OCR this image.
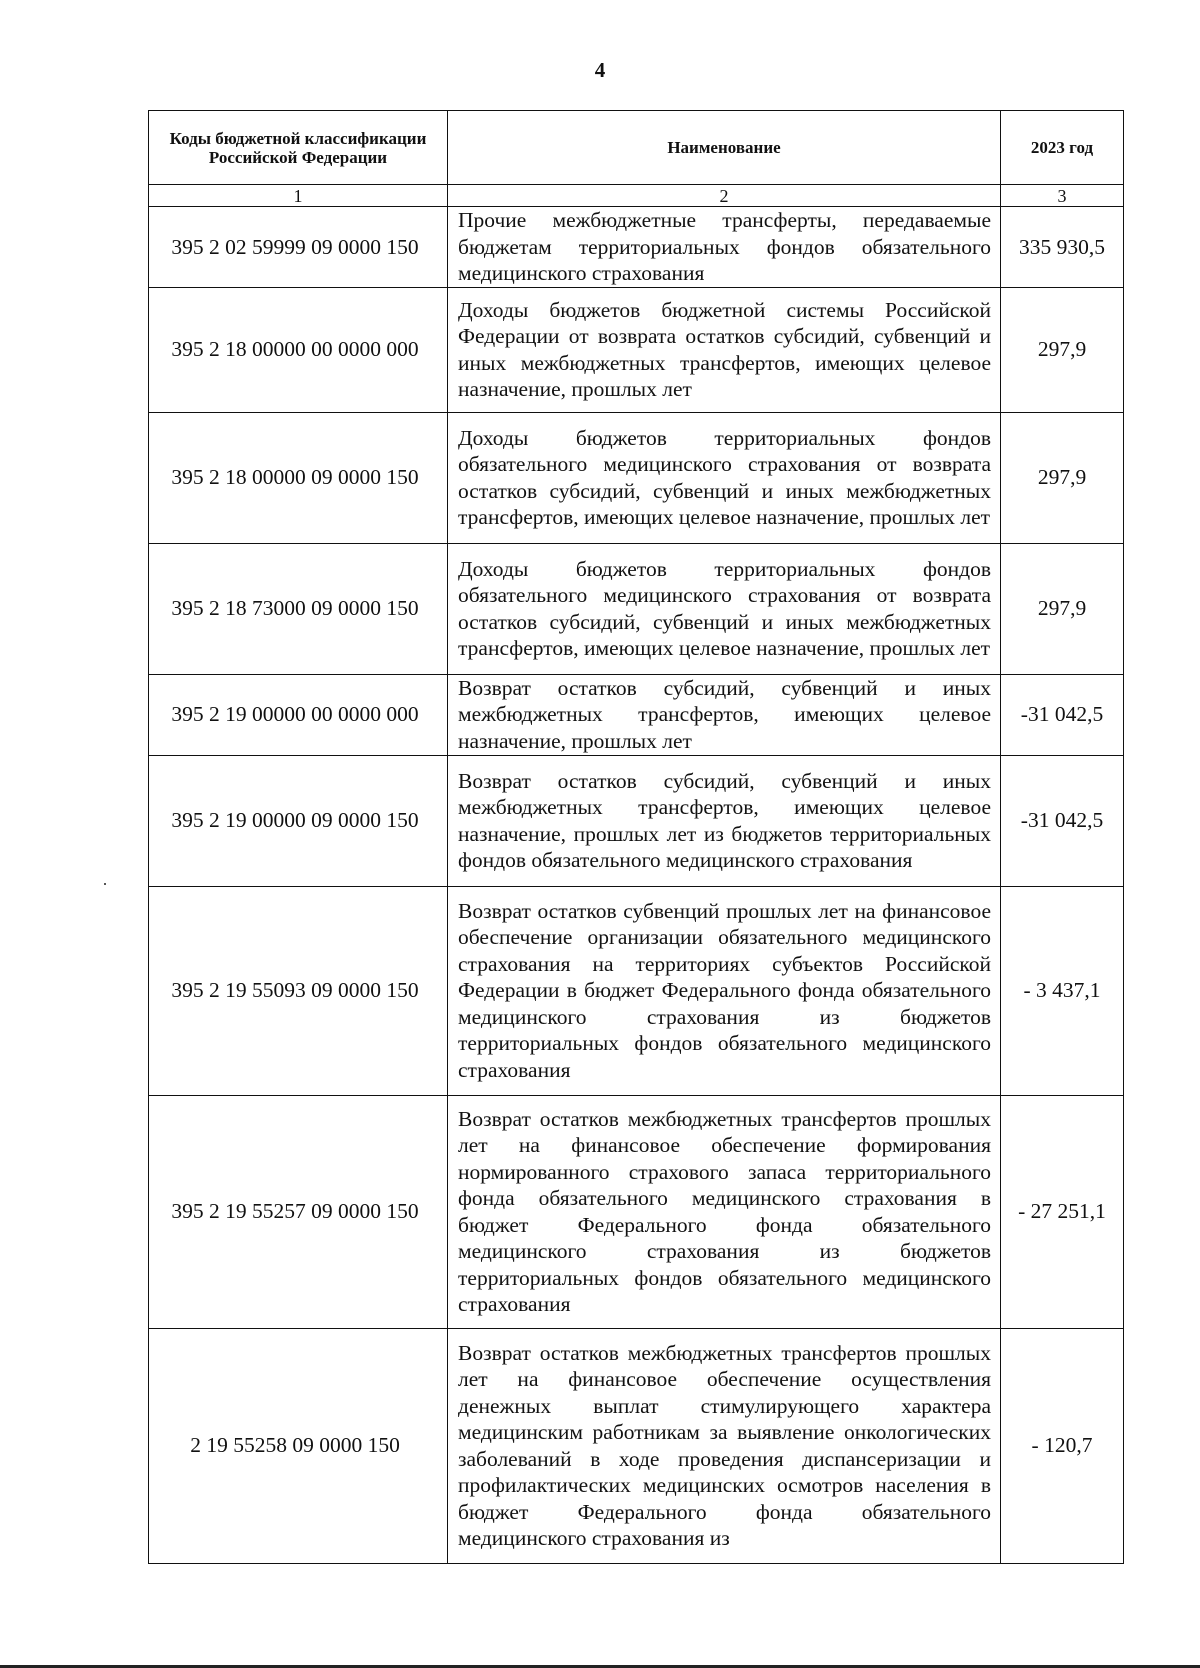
4
Коды бюджетной классификации Российской Федерации	Наименование	2023 год
1	2	3
395 2 02 59999 09 0000 150	Прочие межбюджетные трансферты, передаваемые бюджетам территориальных фондов обязательного медицинского страхования	335 930,5
395 2 18 00000 00 0000 000	Доходы бюджетов бюджетной системы Российской Федерации от возврата остатков субсидий, субвенций и иных межбюджетных трансфертов, имеющих целевое назначение, прошлых лет	297,9
395 2 18 00000 09 0000 150	Доходы бюджетов территориальных фондов обязательного медицинского страхования от возврата остатков субсидий, субвенций и иных межбюджетных трансфертов, имеющих целевое назначение, прошлых лет	297,9
395 2 18 73000 09 0000 150	Доходы бюджетов территориальных фондов обязательного медицинского страхования от возврата остатков субсидий, субвенций и иных межбюджетных трансфертов, имеющих целевое назначение, прошлых лет	297,9
395 2 19 00000 00 0000 000	Возврат остатков субсидий, субвенций и иных межбюджетных трансфертов, имеющих целевое назначение, прошлых лет	-31 042,5
395 2 19 00000 09 0000 150	Возврат остатков субсидий, субвенций и иных межбюджетных трансфертов, имеющих целевое назначение, прошлых лет из бюджетов территориальных фондов обязательного медицинского страхования	-31 042,5
395 2 19 55093 09 0000 150	Возврат остатков субвенций прошлых лет на финансовое обеспечение организации обязательного медицинского страхования на территориях субъектов Российской Федерации в бюджет Федерального фонда обязательного медицинского страхования из бюджетов территориальных фондов обязательного медицинского страхования	- 3 437,1
395 2 19 55257 09 0000 150	Возврат остатков межбюджетных трансфертов прошлых лет на финансовое обеспечение формирования нормированного страхового запаса территориального фонда обязательного медицинского страхования в бюджет Федерального фонда обязательного медицинского страхования из бюджетов территориальных фондов обязательного медицинского страхования	- 27 251,1
2 19 55258 09 0000 150	Возврат остатков межбюджетных трансфертов прошлых лет на финансовое обеспечение осуществления денежных выплат стимулирующего характера медицинским работникам за выявление онкологических заболеваний в ходе проведения диспансеризации и профилактических медицинских осмотров населения в бюджет Федерального фонда обязательного медицинского страхования из	- 120,7
